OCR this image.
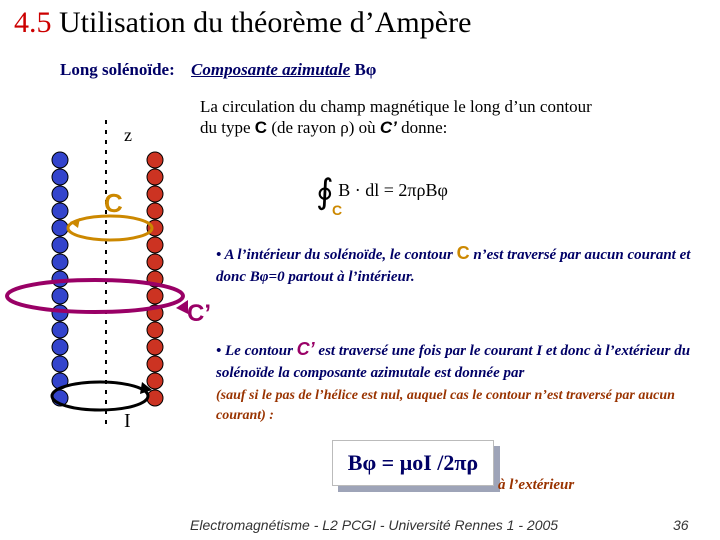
4.5 Utilisation du théorème d’Ampère
Long solénoïde: Composante azimutale Bφ
La circulation du champ magnétique le long d’un contour
du type C (de rayon ρ) où C’ donne:
∮
C
B · dl = 2πρBφ
• A l’intérieur du solénoïde, le contour C n’est traversé par aucun courant et donc Bφ=0 partout à l’intérieur.
• Le contour C’ est traversé une fois par le courant I et donc à l’extérieur du solénoïde la composante azimutale est donnée par
(sauf si le pas de l’hélice est nul, auquel cas le contour n’est traversé par aucun courant) :
Bφ = μoI /2πρ
à l’extérieur
Electromagnétisme - L2 PCGI - Université Rennes 1 - 2005	36
z
C
C’
I
